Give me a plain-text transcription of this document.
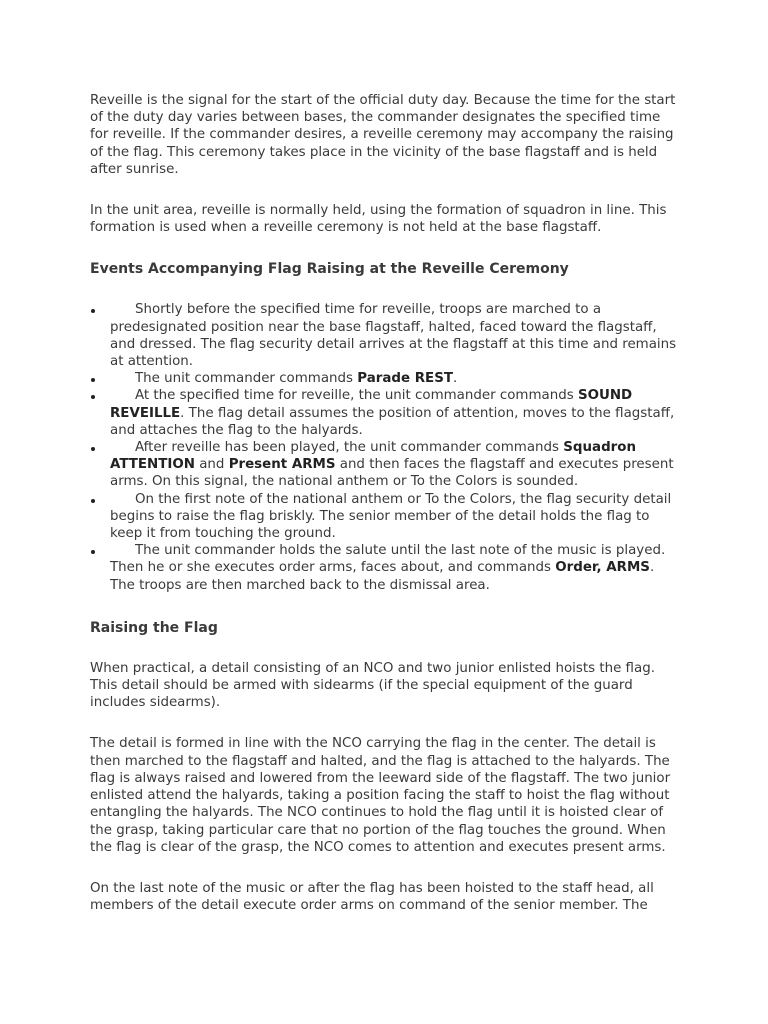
Reveille is the signal for the start of the official duty day. Because the time for the start of the duty day varies between bases, the commander designates the specified time for reveille. If the commander desires, a reveille ceremony may accompany the raising of the flag. This ceremony takes place in the vicinity of the base flagstaff and is held after sunrise.

In the unit area, reveille is normally held, using the formation of squadron in line. This formation is used when a reveille ceremony is not held at the base flagstaff.

Events Accompanying Flag Raising at the Reveille Ceremony
Shortly before the specified time for reveille, troops are marched to a predesignated position near the base flagstaff, halted, faced toward the flagstaff, and dressed. The flag security detail arrives at the flagstaff at this time and remains at attention.
The unit commander commands Parade REST.
At the specified time for reveille, the unit commander commands SOUND REVEILLE. The flag detail assumes the position of attention, moves to the flagstaff, and attaches the flag to the halyards.
After reveille has been played, the unit commander commands Squadron ATTENTION and Present ARMS and then faces the flagstaff and executes present arms. On this signal, the national anthem or To the Colors is sounded.
On the first note of the national anthem or To the Colors, the flag security detail begins to raise the flag briskly. The senior member of the detail holds the flag to keep it from touching the ground.
The unit commander holds the salute until the last note of the music is played. Then he or she executes order arms, faces about, and commands Order, ARMS. The troops are then marched back to the dismissal area.
Raising the Flag

When practical, a detail consisting of an NCO and two junior enlisted hoists the flag. This detail should be armed with sidearms (if the special equipment of the guard includes sidearms).

The detail is formed in line with the NCO carrying the flag in the center. The detail is then marched to the flagstaff and halted, and the flag is attached to the halyards. The flag is always raised and lowered from the leeward side of the flagstaff. The two junior enlisted attend the halyards, taking a position facing the staff to hoist the flag without entangling the halyards. The NCO continues to hold the flag until it is hoisted clear of the grasp, taking particular care that no portion of the flag touches the ground. When the flag is clear of the grasp, the NCO comes to attention and executes present arms.

On the last note of the music or after the flag has been hoisted to the staff head, all members of the detail execute order arms on command of the senior member. The
